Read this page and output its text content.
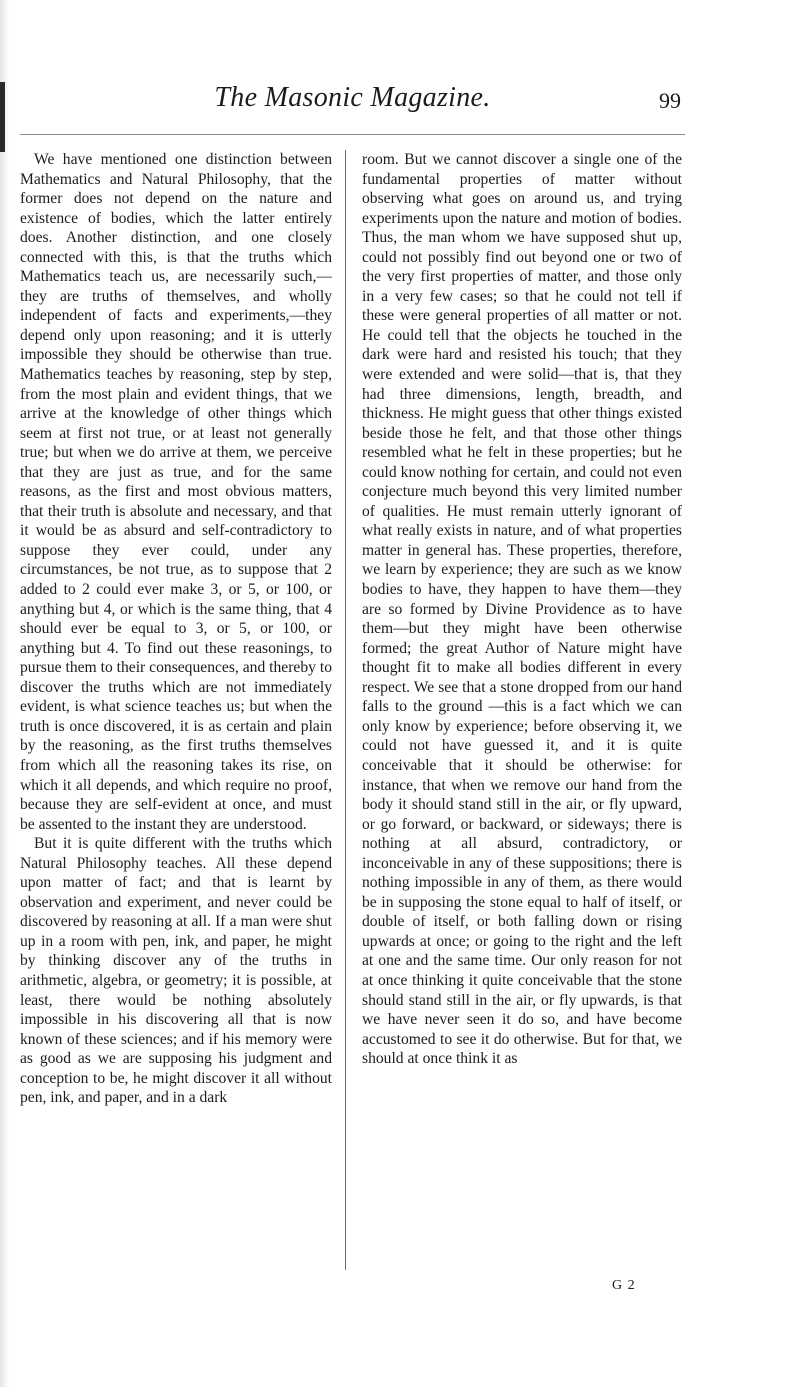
The Masonic Magazine.	99

We have mentioned one distinction between Mathematics and Natural Philosophy, that the former does not depend on the nature and existence of bodies, which the latter entirely does. Another distinction, and one closely connected with this, is that the truths which Mathematics teach us, are necessarily such,—they are truths of themselves, and wholly independent of facts and experiments,—they depend only upon reasoning; and it is utterly impossible they should be otherwise than true. Mathematics teaches by reasoning, step by step, from the most plain and evident things, that we arrive at the knowledge of other things which seem at first not true, or at least not generally true; but when we do arrive at them, we perceive that they are just as true, and for the same reasons, as the first and most obvious matters, that their truth is absolute and necessary, and that it would be as absurd and self-contradictory to suppose they ever could, under any circumstances, be not true, as to suppose that 2 added to 2 could ever make 3, or 5, or 100, or anything but 4, or which is the same thing, that 4 should ever be equal to 3, or 5, or 100, or anything but 4. To find out these reasonings, to pursue them to their consequences, and thereby to discover the truths which are not immediately evident, is what science teaches us; but when the truth is once discovered, it is as certain and plain by the reasoning, as the first truths themselves from which all the reasoning takes its rise, on which it all depends, and which require no proof, because they are self-evident at once, and must be assented to the instant they are understood.

But it is quite different with the truths which Natural Philosophy teaches. All these depend upon matter of fact; and that is learnt by observation and experiment, and never could be discovered by reasoning at all. If a man were shut up in a room with pen, ink, and paper, he might by thinking discover any of the truths in arithmetic, algebra, or geometry; it is possible, at least, there would be nothing absolutely impossible in his discovering all that is now known of these sciences; and if his memory were as good as we are supposing his judgment and conception to be, he might discover it all without pen, ink, and paper, and in a dark

room. But we cannot discover a single one of the fundamental properties of matter without observing what goes on around us, and trying experiments upon the nature and motion of bodies. Thus, the man whom we have supposed shut up, could not possibly find out beyond one or two of the very first properties of matter, and those only in a very few cases; so that he could not tell if these were general properties of all matter or not. He could tell that the objects he touched in the dark were hard and resisted his touch; that they were extended and were solid—that is, that they had three dimensions, length, breadth, and thickness. He might guess that other things existed beside those he felt, and that those other things resembled what he felt in these properties; but he could know nothing for certain, and could not even conjecture much beyond this very limited number of qualities. He must remain utterly ignorant of what really exists in nature, and of what properties matter in general has. These properties, therefore, we learn by experience; they are such as we know bodies to have, they happen to have them—they are so formed by Divine Providence as to have them—but they might have been otherwise formed; the great Author of Nature might have thought fit to make all bodies different in every respect. We see that a stone dropped from our hand falls to the ground —this is a fact which we can only know by experience; before observing it, we could not have guessed it, and it is quite conceivable that it should be otherwise: for instance, that when we remove our hand from the body it should stand still in the air, or fly upward, or go forward, or backward, or sideways; there is nothing at all absurd, contradictory, or inconceivable in any of these suppositions; there is nothing impossible in any of them, as there would be in supposing the stone equal to half of itself, or double of itself, or both falling down or rising upwards at once; or going to the right and the left at one and the same time. Our only reason for not at once thinking it quite conceivable that the stone should stand still in the air, or fly upwards, is that we have never seen it do so, and have become accustomed to see it do otherwise. But for that, we should at once think it as

G 2
